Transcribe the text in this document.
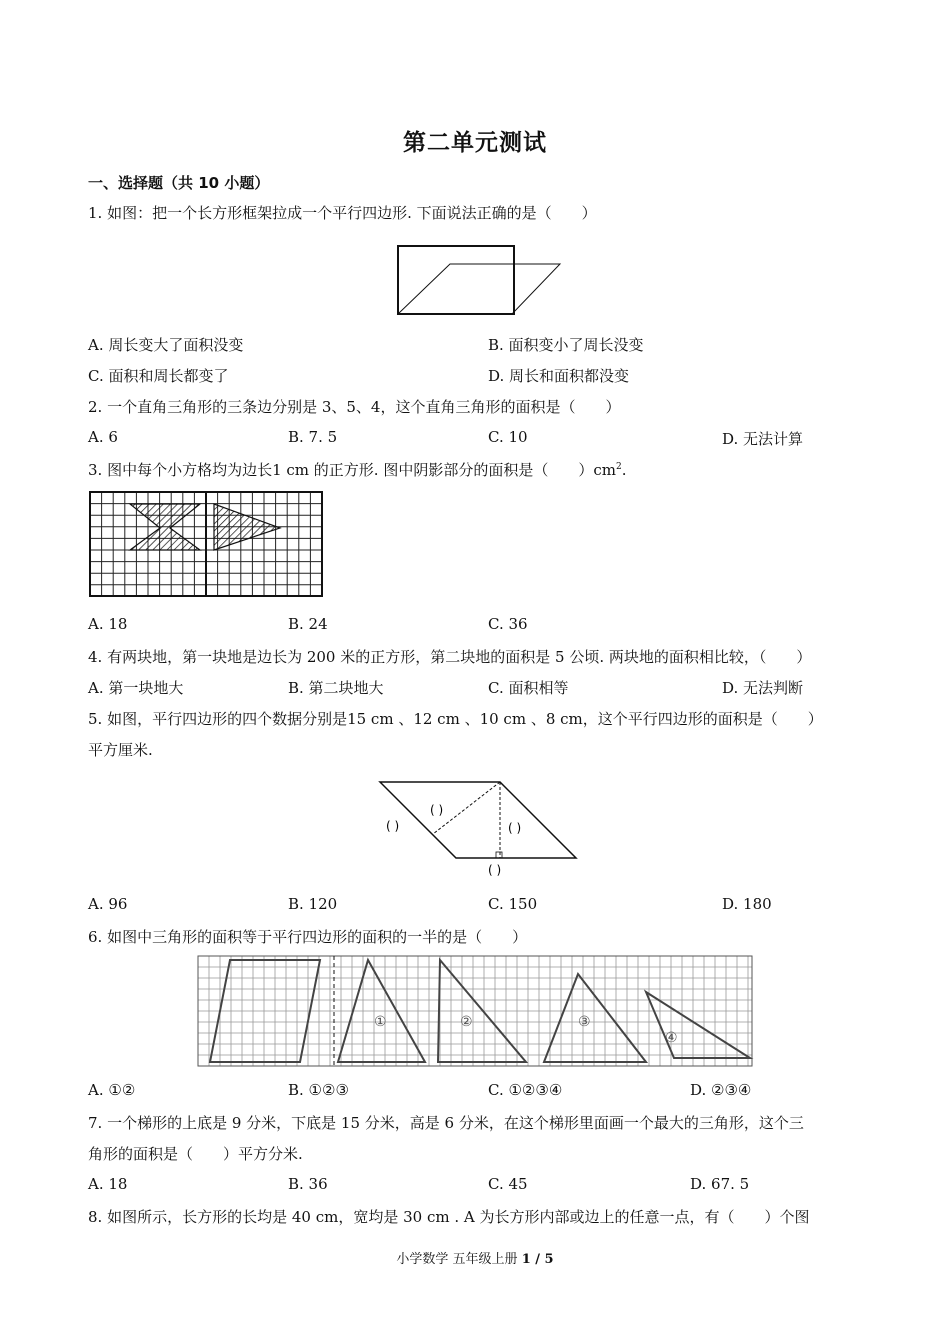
第二单元测试
一、选择题（共 10 小题）
1. 如图：把一个长方形框架拉成一个平行四边形. 下面说法正确的是（　　）
A. 周长变大了面积没变	B. 面积变小了周长没变
C. 面积和周长都变了	D. 周长和面积都没变
2. 一个直角三角形的三条边分别是 3、5、4，这个直角三角形的面积是（　　）
A. 6	B. 7. 5	C. 10	D. 无法计算
3. 图中每个小方格均为边长1 cm 的正方形. 图中阴影部分的面积是（　　）$cm^2$.
A. 18	B. 24	C. 36
4. 有两块地，第一块地是边长为 200 米的正方形，第二块地的面积是 5 公顷. 两块地的面积相比较，（　　）
A. 第一块地大	B. 第二块地大	C. 面积相等	D. 无法判断
5. 如图，平行四边形的四个数据分别是15 cm 、12 cm 、10 cm 、8 cm，这个平行四边形的面积是（　　）
平方厘米.
( )
( )	( )
( )
A. 96	B. 120	C. 150	D. 180
6. 如图中三角形的面积等于平行四边形的面积的一半的是（　　）
①	②	③
④
A. ①②	B. ①②③	C. ①②③④	D. ②③④
7. 一个梯形的上底是 9 分米，下底是 15 分米，高是 6 分米，在这个梯形里面画一个最大的三角形，这个三
角形的面积是（　　）平方分米.
A. 18	B. 36	C. 45	D. 67. 5
8. 如图所示，长方形的长均是 40 cm，宽均是 30 cm . A 为长方形内部或边上的任意一点，有（　　）个图
小学数学 五年级上册 1 / 5
